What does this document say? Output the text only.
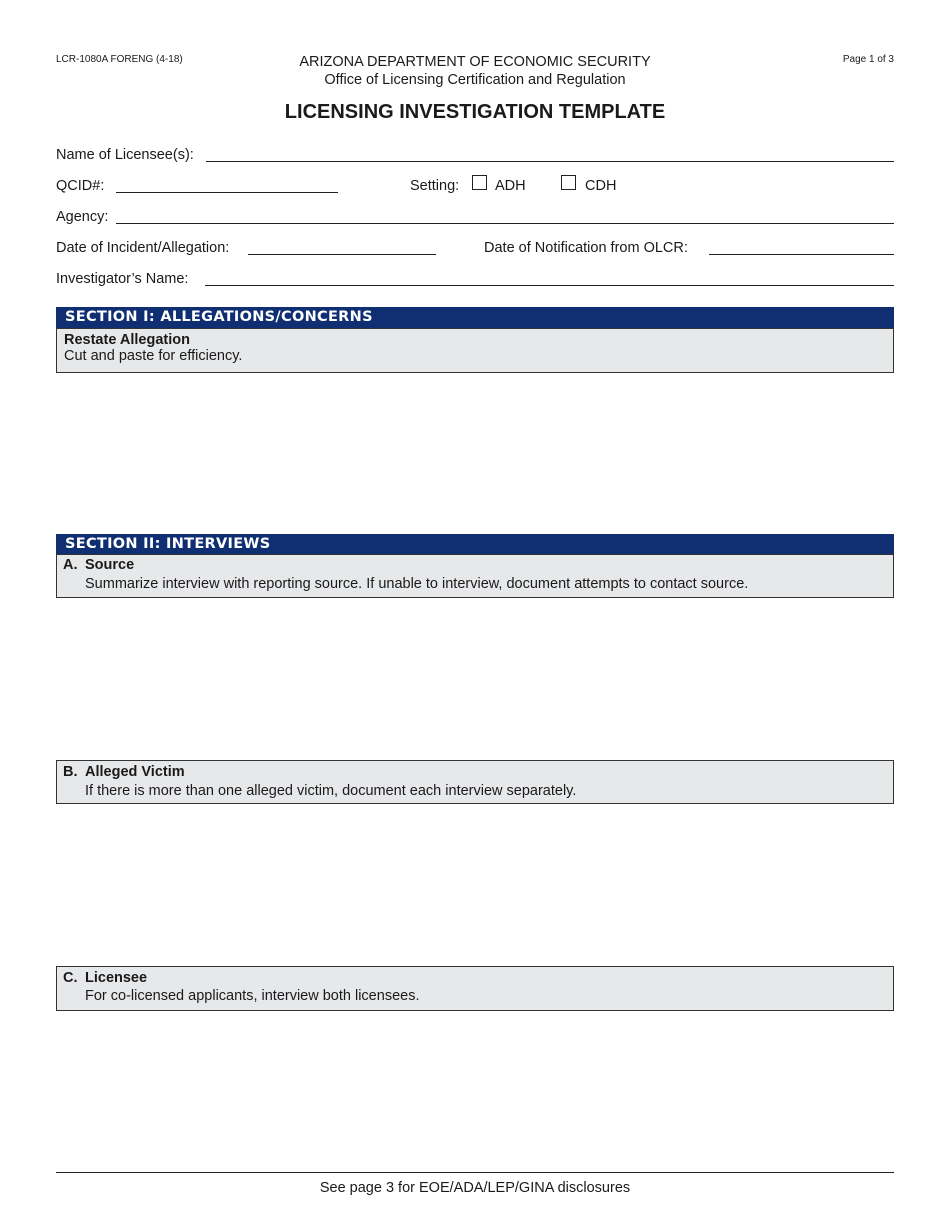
LCR-1080A FORENG (4-18)	Page 1 of 3
ARIZONA DEPARTMENT OF ECONOMIC SECURITY
Office of Licensing Certification and Regulation
LICENSING INVESTIGATION TEMPLATE
Name of Licensee(s):
QCID#:	Setting: ADH	CDH
Agency:
Date of Incident/Allegation:	Date of Notification from OLCR:
Investigator’s Name:
SECTION I: ALLEGATIONS/CONCERNS
Restate Allegation
Cut and paste for efficiency.
SECTION II: INTERVIEWS
A. Source
Summarize interview with reporting source. If unable to interview, document attempts to contact source.
B. Alleged Victim
If there is more than one alleged victim, document each interview separately.
C. Licensee
For co-licensed applicants, interview both licensees.
See page 3 for EOE/ADA/LEP/GINA disclosures
